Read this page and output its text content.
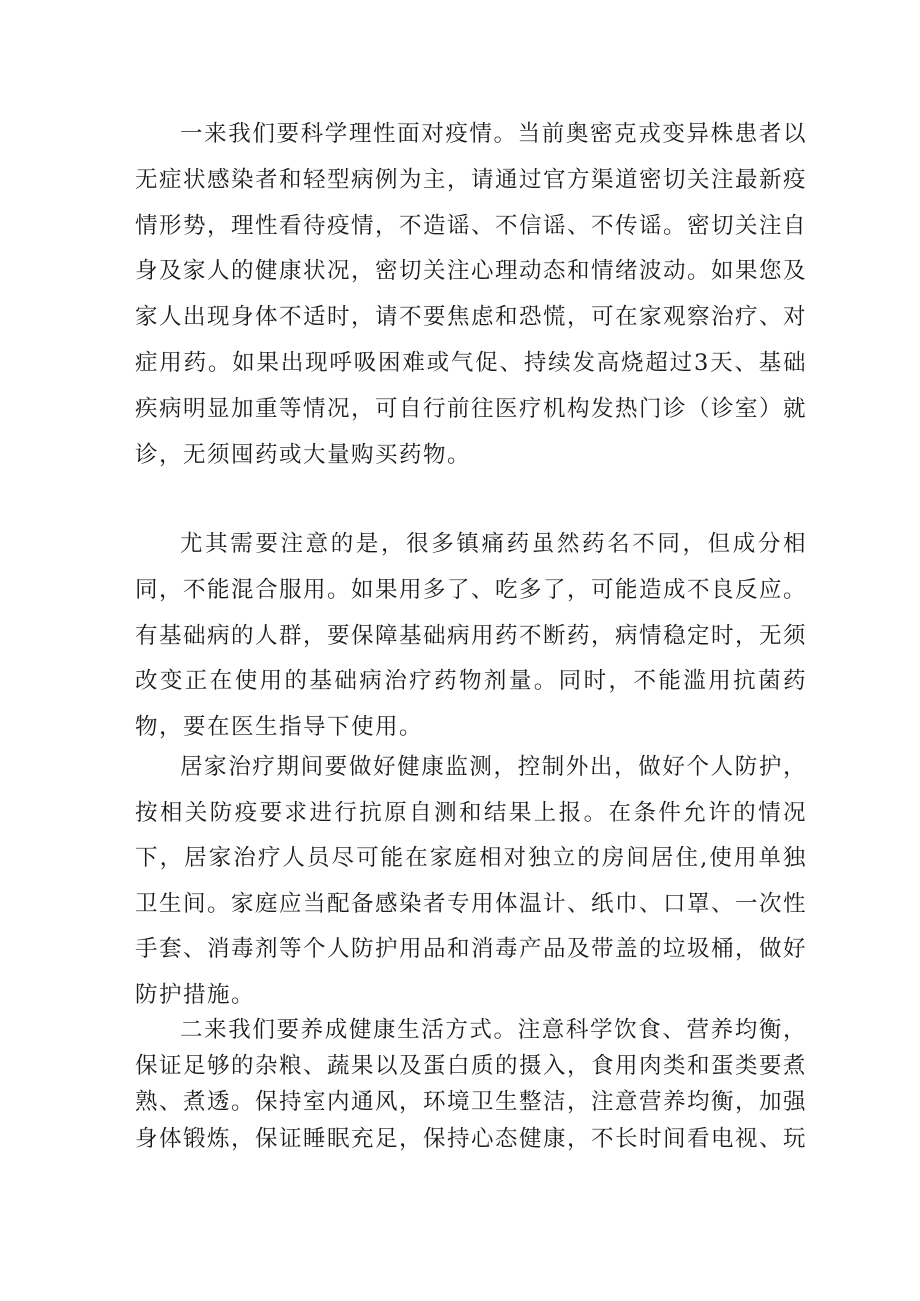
一来我们要科学理性面对疫情。当前奥密克戎变异株患者以无症状感染者和轻型病例为主，请通过官方渠道密切关注最新疫情形势，理性看待疫情，不造谣、不信谣、不传谣。密切关注自身及家人的健康状况，密切关注心理动态和情绪波动。如果您及家人出现身体不适时，请不要焦虑和恐慌，可在家观察治疗、对症用药。如果出现呼吸困难或气促、持续发高烧超过3天、基础疾病明显加重等情况，可自行前往医疗机构发热门诊（诊室）就诊，无须囤药或大量购买药物。

尤其需要注意的是，很多镇痛药虽然药名不同，但成分相同，不能混合服用。如果用多了、吃多了，可能造成不良反应。有基础病的人群，要保障基础病用药不断药，病情稳定时，无须改变正在使用的基础病治疗药物剂量。同时，不能滥用抗菌药物，要在医生指导下使用。

居家治疗期间要做好健康监测，控制外出，做好个人防护，按相关防疫要求进行抗原自测和结果上报。在条件允许的情况下，居家治疗人员尽可能在家庭相对独立的房间居住,使用单独卫生间。家庭应当配备感染者专用体温计、纸巾、口罩、一次性手套、消毒剂等个人防护用品和消毒产品及带盖的垃圾桶，做好防护措施。

二来我们要养成健康生活方式。注意科学饮食、营养均衡，保证足够的杂粮、蔬果以及蛋白质的摄入，食用肉类和蛋类要煮熟、煮透。保持室内通风，环境卫生整洁，注意营养均衡，加强身体锻炼，保证睡眠充足，保持心态健康，不长时间看电视、玩
